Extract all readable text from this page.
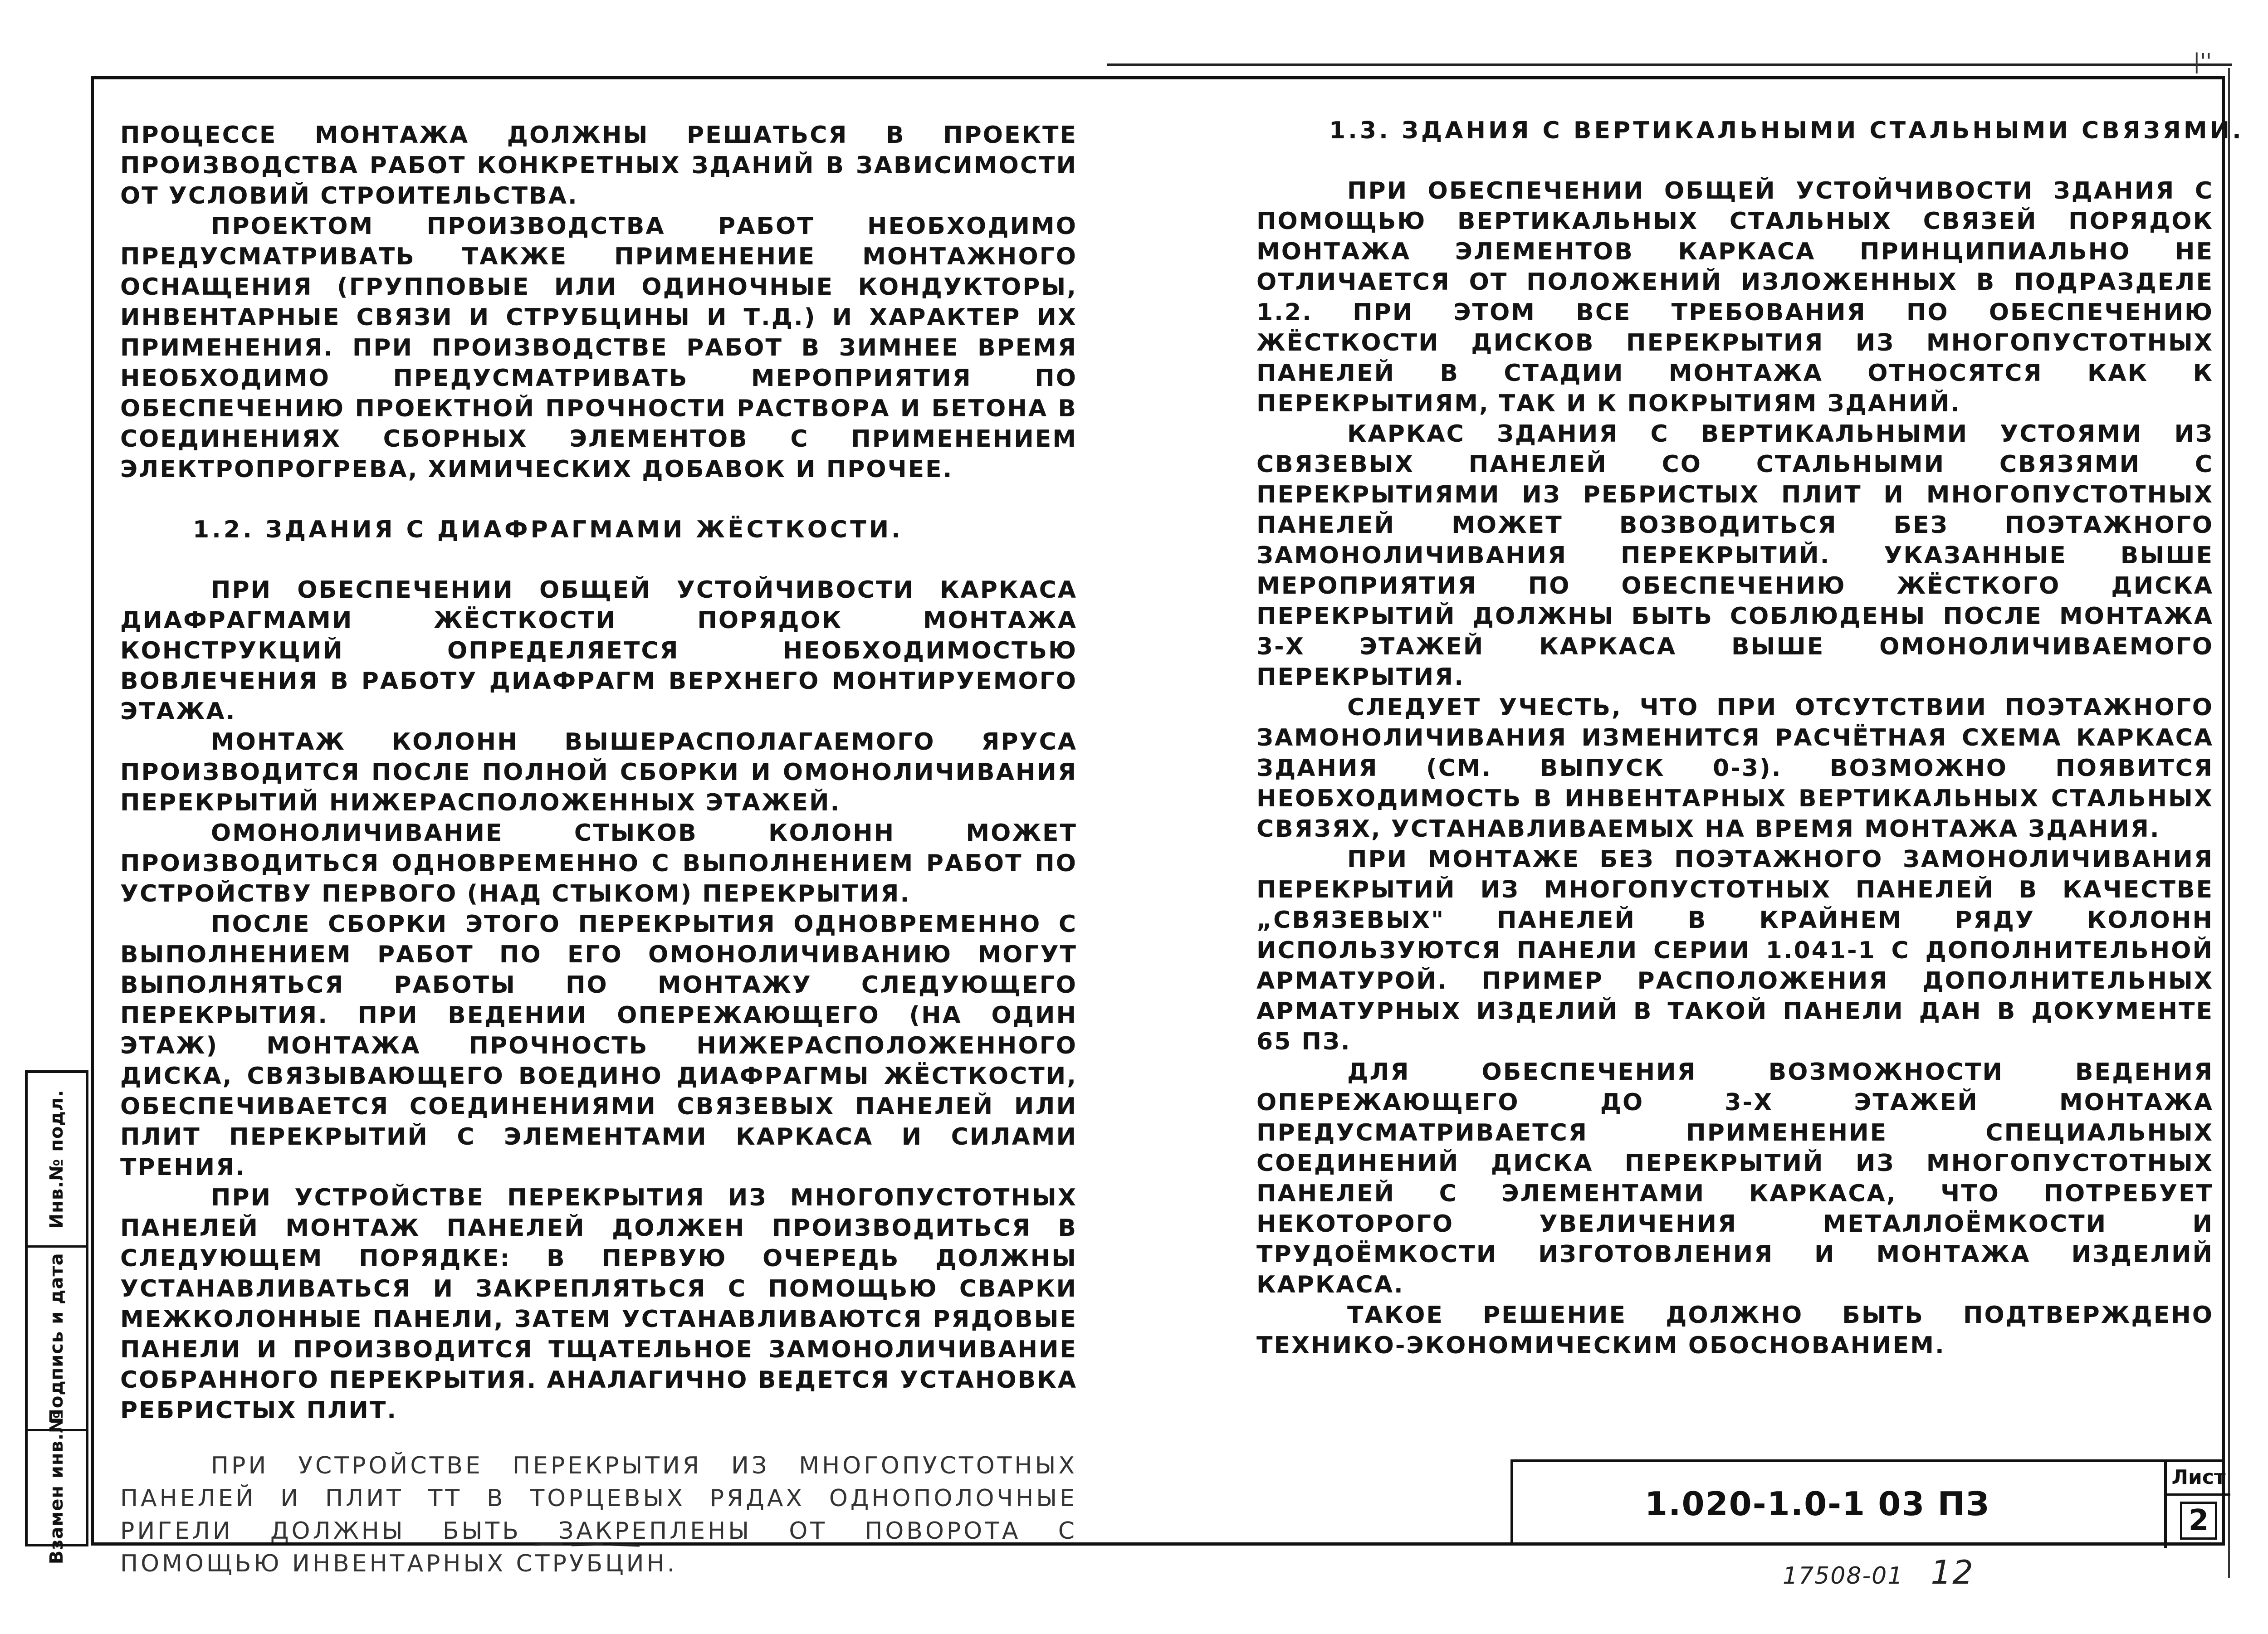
|''
Инв.№ подл.
Подпись и дата
Взамен инв.№

ПРОЦЕССЕ МОНТАЖА ДОЛЖНЫ РЕШАТЬСЯ В ПРОЕКТЕ ПРОИЗВОДСТВА РАБОТ КОНКРЕТНЫХ ЗДАНИЙ В ЗАВИСИМОСТИ ОТ УСЛОВИЙ СТРОИТЕЛЬСТВА.

ПРОЕКТОМ ПРОИЗВОДСТВА РАБОТ НЕОБХОДИМО ПРЕДУСМАТРИВАТЬ ТАКЖЕ ПРИМЕНЕНИЕ МОНТАЖНОГО ОСНАЩЕНИЯ (ГРУППОВЫЕ ИЛИ ОДИНОЧНЫЕ КОНДУКТОРЫ, ИНВЕНТАРНЫЕ СВЯЗИ И СТРУБЦИНЫ И Т.Д.) И ХАРАКТЕР ИХ ПРИМЕНЕНИЯ. ПРИ ПРОИЗВОДСТВЕ РАБОТ В ЗИМНЕЕ ВРЕМЯ НЕОБХОДИМО ПРЕДУСМАТРИВАТЬ МЕРОПРИЯТИЯ ПО ОБЕСПЕЧЕНИЮ ПРОЕКТНОЙ ПРОЧНОСТИ РАСТВОРА И БЕТОНА В СОЕДИНЕНИЯХ СБОРНЫХ ЭЛЕМЕНТОВ С ПРИМЕНЕНИЕМ ЭЛЕКТРОПРОГРЕВА, ХИМИЧЕСКИХ ДОБАВОК И ПРОЧЕЕ.

1.2. ЗДАНИЯ С ДИАФРАГМАМИ ЖЁСТКОСТИ.

ПРИ ОБЕСПЕЧЕНИИ ОБЩЕЙ УСТОЙЧИВОСТИ КАРКАСА ДИАФРАГМАМИ ЖЁСТКОСТИ ПОРЯДОК МОНТАЖА КОНСТРУКЦИЙ ОПРЕДЕЛЯЕТСЯ НЕОБХОДИМОСТЬЮ ВОВЛЕЧЕНИЯ В РАБОТУ ДИАФРАГМ ВЕРХНЕГО МОНТИРУЕМОГО ЭТАЖА.

МОНТАЖ КОЛОНН ВЫШЕРАСПОЛАГАЕМОГО ЯРУСА ПРОИЗВОДИТСЯ ПОСЛЕ ПОЛНОЙ СБОРКИ И ОМОНОЛИЧИВАНИЯ ПЕРЕКРЫТИЙ НИЖЕРАСПОЛОЖЕННЫХ ЭТАЖЕЙ.

ОМОНОЛИЧИВАНИЕ СТЫКОВ КОЛОНН МОЖЕТ ПРОИЗВОДИТЬСЯ ОДНОВРЕМЕННО С ВЫПОЛНЕНИЕМ РАБОТ ПО УСТРОЙСТВУ ПЕРВОГО (НАД СТЫКОМ) ПЕРЕКРЫТИЯ.

ПОСЛЕ СБОРКИ ЭТОГО ПЕРЕКРЫТИЯ ОДНОВРЕМЕННО С ВЫПОЛНЕНИЕМ РАБОТ ПО ЕГО ОМОНОЛИЧИВАНИЮ МОГУТ ВЫПОЛНЯТЬСЯ РАБОТЫ ПО МОНТАЖУ СЛЕДУЮЩЕГО ПЕРЕКРЫТИЯ. ПРИ ВЕДЕНИИ ОПЕРЕЖАЮЩЕГО (НА ОДИН ЭТАЖ) МОНТАЖА ПРОЧНОСТЬ НИЖЕРАСПОЛОЖЕННОГО ДИСКА, СВЯЗЫВАЮЩЕГО ВОЕДИНО ДИАФРАГМЫ ЖЁСТКОСТИ, ОБЕСПЕЧИВАЕТСЯ СОЕДИНЕНИЯМИ СВЯЗЕВЫХ ПАНЕЛЕЙ ИЛИ ПЛИТ ПЕРЕКРЫТИЙ С ЭЛЕМЕНТАМИ КАРКАСА И СИЛАМИ ТРЕНИЯ.

ПРИ УСТРОЙСТВЕ ПЕРЕКРЫТИЯ ИЗ МНОГОПУСТОТНЫХ ПАНЕЛЕЙ МОНТАЖ ПАНЕЛЕЙ ДОЛЖЕН ПРОИЗВОДИТЬСЯ В СЛЕДУЮЩЕМ ПОРЯДКЕ: В ПЕРВУЮ ОЧЕРЕДЬ ДОЛЖНЫ УСТАНАВЛИВАТЬСЯ И ЗАКРЕПЛЯТЬСЯ С ПОМОЩЬЮ СВАРКИ МЕЖКОЛОННЫЕ ПАНЕЛИ, ЗАТЕМ УСТАНАВЛИВАЮТСЯ РЯДОВЫЕ ПАНЕЛИ И ПРОИЗВОДИТСЯ ТЩАТЕЛЬНОЕ ЗАМОНОЛИЧИВАНИЕ СОБРАННОГО ПЕРЕКРЫТИЯ. АНАЛАГИЧНО ВЕДЕТСЯ УСТАНОВКА РЕБРИСТЫХ ПЛИТ.

ПРИ УСТРОЙСТВЕ ПЕРЕКРЫТИЯ ИЗ МНОГОПУСТОТНЫХ ПАНЕЛЕЙ И ПЛИТ ТТ В ТОРЦЕВЫХ РЯДАХ ОДНОПОЛОЧНЫЕ РИГЕЛИ ДОЛЖНЫ БЫТЬ ЗАКРЕПЛЕНЫ ОТ ПОВОРОТА С ПОМОЩЬЮ ИНВЕНТАРНЫХ СТРУБЦИН.

1.3. ЗДАНИЯ С ВЕРТИКАЛЬНЫМИ СТАЛЬНЫМИ СВЯЗЯМИ.

ПРИ ОБЕСПЕЧЕНИИ ОБЩЕЙ УСТОЙЧИВОСТИ ЗДАНИЯ С ПОМОЩЬЮ ВЕРТИКАЛЬНЫХ СТАЛЬНЫХ СВЯЗЕЙ ПОРЯДОК МОНТАЖА ЭЛЕМЕНТОВ КАРКАСА ПРИНЦИПИАЛЬНО НЕ ОТЛИЧАЕТСЯ ОТ ПОЛОЖЕНИЙ ИЗЛОЖЕННЫХ В ПОДРАЗДЕЛЕ 1.2. ПРИ ЭТОМ ВСЕ ТРЕБОВАНИЯ ПО ОБЕСПЕЧЕНИЮ ЖЁСТКОСТИ ДИСКОВ ПЕРЕКРЫТИЯ ИЗ МНОГОПУСТОТНЫХ ПАНЕЛЕЙ В СТАДИИ МОНТАЖА ОТНОСЯТСЯ КАК К ПЕРЕКРЫТИЯМ, ТАК И К ПОКРЫТИЯМ ЗДАНИЙ.

КАРКАС ЗДАНИЯ С ВЕРТИКАЛЬНЫМИ УСТОЯМИ ИЗ СВЯЗЕВЫХ ПАНЕЛЕЙ СО СТАЛЬНЫМИ СВЯЗЯМИ С ПЕРЕКРЫТИЯМИ ИЗ РЕБРИСТЫХ ПЛИТ И МНОГОПУСТОТНЫХ ПАНЕЛЕЙ МОЖЕТ ВОЗВОДИТЬСЯ БЕЗ ПОЭТАЖНОГО ЗАМОНОЛИЧИВАНИЯ ПЕРЕКРЫТИЙ. УКАЗАННЫЕ ВЫШЕ МЕРОПРИЯТИЯ ПО ОБЕСПЕЧЕНИЮ ЖЁСТКОГО ДИСКА ПЕРЕКРЫТИЙ ДОЛЖНЫ БЫТЬ СОБЛЮДЕНЫ ПОСЛЕ МОНТАЖА 3-Х ЭТАЖЕЙ КАРКАСА ВЫШЕ ОМОНОЛИЧИВАЕМОГО ПЕРЕКРЫТИЯ.

СЛЕДУЕТ УЧЕСТЬ, ЧТО ПРИ ОТСУТСТВИИ ПОЭТАЖНОГО ЗАМОНОЛИЧИВАНИЯ ИЗМЕНИТСЯ РАСЧЁТНАЯ СХЕМА КАРКАСА ЗДАНИЯ (СМ. ВЫПУСК 0-3). ВОЗМОЖНО ПОЯВИТСЯ НЕОБХОДИМОСТЬ В ИНВЕНТАРНЫХ ВЕРТИКАЛЬНЫХ СТАЛЬНЫХ СВЯЗЯХ, УСТАНАВЛИВАЕМЫХ НА ВРЕМЯ МОНТАЖА ЗДАНИЯ.

ПРИ МОНТАЖЕ БЕЗ ПОЭТАЖНОГО ЗАМОНОЛИЧИВАНИЯ ПЕРЕКРЫТИЙ ИЗ МНОГОПУСТОТНЫХ ПАНЕЛЕЙ В КАЧЕСТВЕ „СВЯЗЕВЫХ" ПАНЕЛЕЙ В КРАЙНЕМ РЯДУ КОЛОНН ИСПОЛЬЗУЮТСЯ ПАНЕЛИ СЕРИИ 1.041-1 С ДОПОЛНИТЕЛЬНОЙ АРМАТУРОЙ. ПРИМЕР РАСПОЛОЖЕНИЯ ДОПОЛНИТЕЛЬНЫХ АРМАТУРНЫХ ИЗДЕЛИЙ В ТАКОЙ ПАНЕЛИ ДАН В ДОКУМЕНТЕ 65 ПЗ.

ДЛЯ ОБЕСПЕЧЕНИЯ ВОЗМОЖНОСТИ ВЕДЕНИЯ ОПЕРЕЖАЮЩЕГО ДО 3-Х ЭТАЖЕЙ МОНТАЖА ПРЕДУСМАТРИВАЕТСЯ ПРИМЕНЕНИЕ СПЕЦИАЛЬНЫХ СОЕДИНЕНИЙ ДИСКА ПЕРЕКРЫТИЙ ИЗ МНОГОПУСТОТНЫХ ПАНЕЛЕЙ С ЭЛЕМЕНТАМИ КАРКАСА, ЧТО ПОТРЕБУЕТ НЕКОТОРОГО УВЕЛИЧЕНИЯ МЕТАЛЛОЁМКОСТИ И ТРУДОЁМКОСТИ ИЗГОТОВЛЕНИЯ И МОНТАЖА ИЗДЕЛИЙ КАРКАСА.

ТАКОЕ РЕШЕНИЕ ДОЛЖНО БЫТЬ ПОДТВЕРЖДЕНО ТЕХНИКО-ЭКОНОМИЧЕСКИМ ОБОСНОВАНИЕМ.

1.020-1.0-1 03 ПЗ
Лист
2
17508-01 12
